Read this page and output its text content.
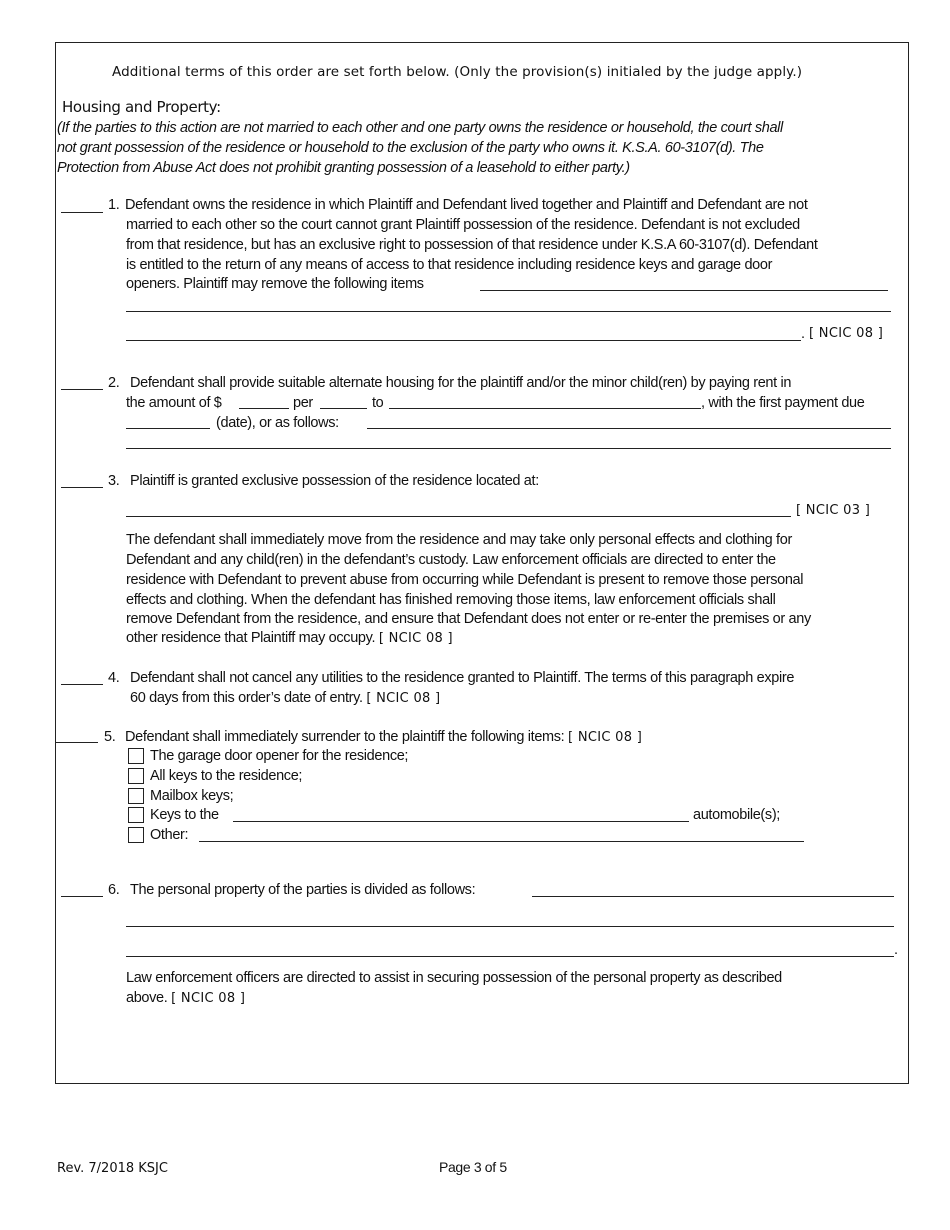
Additional terms of this order are set forth below. (Only the provision(s) initialed by the judge apply.)
Housing and Property:
(If the parties to this action are not married to each other and one party owns the residence or household, the court shall
not grant possession of the residence or household to the exclusion of the party who owns it. K.S.A. 60-3107(d). The
Protection from Abuse Act does not prohibit granting possession of a leasehold to either party.)
1. Defendant owns the residence in which Plaintiff and Defendant lived together and Plaintiff and Defendant are not
married to each other so the court cannot grant Plaintiff possession of the residence. Defendant is not excluded
from that residence, but has an exclusive right to possession of that residence under K.S.A 60-3107(d). Defendant
is entitled to the return of any means of access to that residence including residence keys and garage door
openers. Plaintiff may remove the following items
. [ NCIC 08 ]
2. Defendant shall provide suitable alternate housing for the plaintiff and/or the minor child(ren) by paying rent in
the amount of $	per	to	, with the first payment due
(date), or as follows:
3. Plaintiff is granted exclusive possession of the residence located at:
[ NCIC 03 ]
The defendant shall immediately move from the residence and may take only personal effects and clothing for
Defendant and any child(ren) in the defendant’s custody. Law enforcement officials are directed to enter the
residence with Defendant to prevent abuse from occurring while Defendant is present to remove those personal
effects and clothing. When the defendant has finished removing those items, law enforcement officials shall
remove Defendant from the residence, and ensure that Defendant does not enter or re-enter the premises or any
other residence that Plaintiff may occupy. [ NCIC 08 ]
4. Defendant shall not cancel any utilities to the residence granted to Plaintiff. The terms of this paragraph expire
60 days from this order’s date of entry. [ NCIC 08 ]
5. Defendant shall immediately surrender to the plaintiff the following items: [ NCIC 08 ]
The garage door opener for the residence;
All keys to the residence;
Mailbox keys;
Keys to the	automobile(s);
Other:
6. The personal property of the parties is divided as follows:
.
Law enforcement officers are directed to assist in securing possession of the personal property as described
above. [ NCIC 08 ]
Rev. 7/2018 KSJC	Page 3 of 5
